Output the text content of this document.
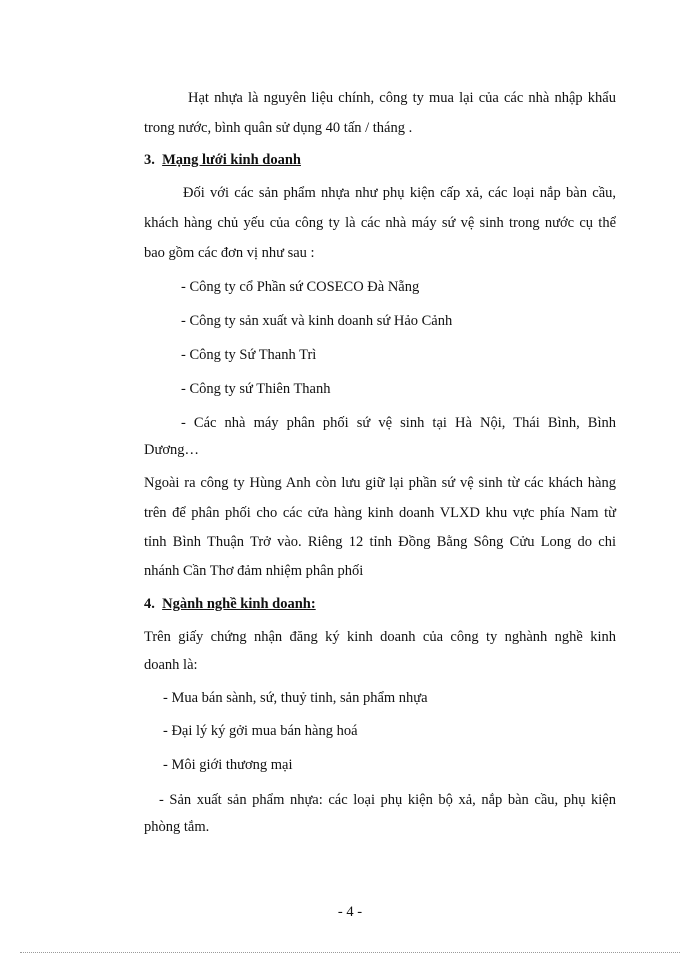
Hạt nhựa là nguyên liệu chính, công ty mua lại của các nhà nhập khẩu
trong nước, bình quân sử dụng 40 tấn / tháng .
3. Mạng lưới kinh doanh
Đối với các sản phẩm nhựa như phụ kiện cấp xả, các loại nắp bàn cầu,
khách hàng chủ yếu của công ty là các nhà máy sứ vệ sinh trong nước cụ thể
bao gồm các đơn vị như sau :
- Công ty cổ Phần sứ COSECO Đà Nẵng
- Công ty sản xuất và kinh doanh sứ Hảo Cảnh
- Công ty Sứ Thanh Trì
- Công ty sứ Thiên Thanh
- Các nhà máy phân phối sứ vệ sinh tại Hà Nội, Thái Bình, Bình
Dương…
Ngoài ra công ty Hùng Anh còn lưu giữ lại phần sứ vệ sinh từ các khách hàng
trên để phân phối cho các cửa hàng kinh doanh VLXD khu vực phía Nam từ
tỉnh Bình Thuận Trở vào. Riêng 12 tỉnh Đồng Bằng Sông Cửu Long do chi
nhánh Cần Thơ đảm nhiệm phân phối
4. Ngành nghề kinh doanh:
Trên giấy chứng nhận đăng ký kinh doanh của công ty nghành nghề kinh
doanh là:
- Mua bán sành, sứ, thuỷ tinh, sản phẩm nhựa
- Đại lý ký gởi mua bán hàng hoá
- Môi giới thương mại
- Sản xuất sản phẩm nhựa: các loại phụ kiện bộ xả, nắp bàn cầu, phụ kiện
phòng tắm.
- 4 -
